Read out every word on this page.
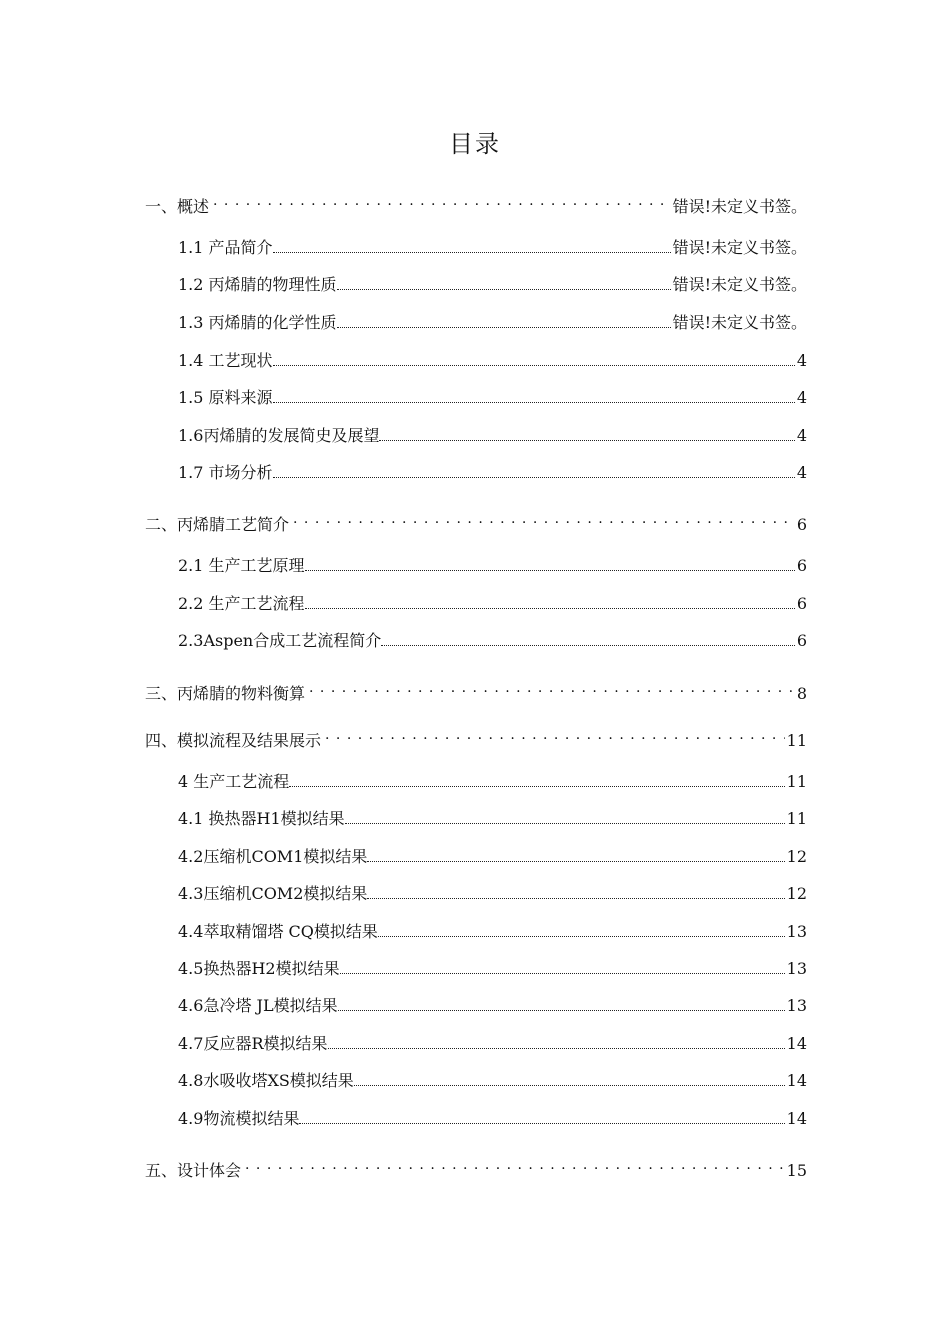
目录
一、概述 . . .	错误!未定义书签。
1.1 产品简介	错误!未定义书签。
1.2 丙烯腈的物理性质	错误!未定义书签。
1.3 丙烯腈的化学性质	错误!未定义书签。
1.4 工艺现状	4
1.5 原料来源	4
1.6丙烯腈的发展简史及展望	4
1.7 市场分析	4
二、丙烯腈工艺简介 . . .	6
2.1 生产工艺原理	6
2.2 生产工艺流程	6
2.3Aspen合成工艺流程简介	6
三、丙烯腈的物料衡算 . . .	8
四、模拟流程及结果展示 . . .	11
4 生产工艺流程	11
4.1 换热器H1模拟结果	11
4.2压缩机COM1模拟结果	12
4.3压缩机COM2模拟结果	12
4.4萃取精馏塔 CQ模拟结果	13
4.5换热器H2模拟结果	13
4.6急冷塔 JL模拟结果	13
4.7反应器R模拟结果	14
4.8水吸收塔XS模拟结果	14
4.9物流模拟结果	14
五、设计体会 . . .	15
